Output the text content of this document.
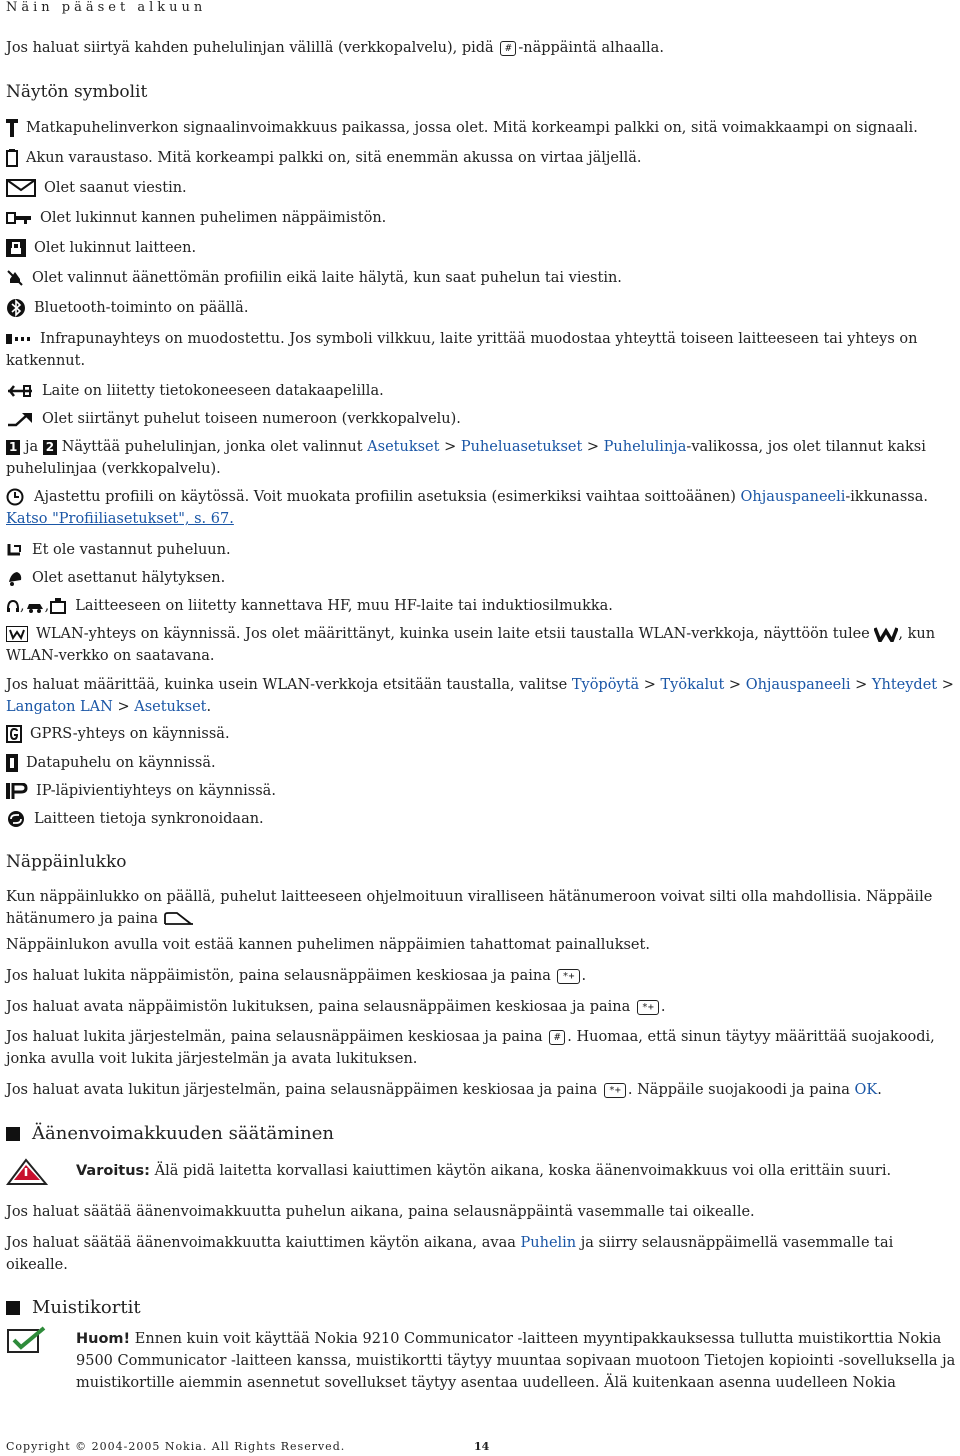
Näin pääset alkuun
Jos haluat siirtyä kahden puhelulinjan välillä (verkkopalvelu), pidä # -näppäintä alhaalla.
Näytön symbolit
Matkapuhelinverkon signaalinvoimakkuus paikassa, jossa olet. Mitä korkeampi palkki on, sitä voimakkaampi on signaali.
Akun varaustaso. Mitä korkeampi palkki on, sitä enemmän akussa on virtaa jäljellä.
Olet saanut viestin.
Olet lukinnut kannen puhelimen näppäimistön.
Olet lukinnut laitteen.
Olet valinnut äänettömän profiilin eikä laite hälytä, kun saat puhelun tai viestin.
Bluetooth-toiminto on päällä.
Infrapunayhteys on muodostettu. Jos symboli vilkkuu, laite yrittää muodostaa yhteyttä toiseen laitteeseen tai yhteys on katkennut.
Laite on liitetty tietokoneeseen datakaapelilla.
Olet siirtänyt puhelut toiseen numeroon (verkkopalvelu).
1 ja 2 Näyttää puhelulinjan, jonka olet valinnut Asetukset > Puheluasetukset > Puhelulinja-valikossa, jos olet tilannut kaksi puhelulinjaa (verkkopalvelu).
Ajastettu profiili on käytössä. Voit muokata profiilin asetuksia (esimerkiksi vaihtaa soittoäänen) Ohjauspaneeli-ikkunassa.
Katso "Profiiliasetukset", s. 67.
Et ole vastannut puheluun.
Olet asettanut hälytyksen.
, , Laitteeseen on liitetty kannettava HF, muu HF-laite tai induktiosilmukka.
WLAN-yhteys on käynnissä. Jos olet määrittänyt, kuinka usein laite etsii taustalla WLAN-verkkoja, näyttöön tulee , kun WLAN-verkko on saatavana.
Jos haluat määrittää, kuinka usein WLAN-verkkoja etsitään taustalla, valitse Työpöytä > Työkalut > Ohjauspaneeli > Yhteydet > Langaton LAN > Asetukset.
GPRS-yhteys on käynnissä.
Datapuhelu on käynnissä.
IP-läpivientiyhteys on käynnissä.
Laitteen tietoja synkronoidaan.
Näppäinlukko
Kun näppäinlukko on päällä, puhelut laitteeseen ohjelmoituun viralliseen hätänumeroon voivat silti olla mahdollisia. Näppäile hätänumero ja paina
Näppäinlukon avulla voit estää kannen puhelimen näppäimien tahattomat painallukset.
Jos haluat lukita näppäimistön, paina selausnäppäimen keskiosaa ja paina *+ .
Jos haluat avata näppäimistön lukituksen, paina selausnäppäimen keskiosaa ja paina *+ .
Jos haluat lukita järjestelmän, paina selausnäppäimen keskiosaa ja paina # . Huomaa, että sinun täytyy määrittää suojakoodi, jonka avulla voit lukita järjestelmän ja avata lukituksen.
Jos haluat avata lukitun järjestelmän, paina selausnäppäimen keskiosaa ja paina *+ . Näppäile suojakoodi ja paina OK.
Äänenvoimakkuuden säätäminen
Varoitus: Älä pidä laitetta korvallasi kaiuttimen käytön aikana, koska äänenvoimakkuus voi olla erittäin suuri.
Jos haluat säätää äänenvoimakkuutta puhelun aikana, paina selausnäppäintä vasemmalle tai oikealle.
Jos haluat säätää äänenvoimakkuutta kaiuttimen käytön aikana, avaa Puhelin ja siirry selausnäppäimellä vasemmalle tai oikealle.
Muistikortit
Huom! Ennen kuin voit käyttää Nokia 9210 Communicator -laitteen myyntipakkauksessa tullutta muistikorttia Nokia 9500 Communicator -laitteen kanssa, muistikortti täytyy muuntaa sopivaan muotoon Tietojen kopiointi -sovelluksella ja muistikortille aiemmin asennetut sovellukset täytyy asentaa uudelleen. Älä kuitenkaan asenna uudelleen Nokia
Copyright © 2004-2005 Nokia. All Rights Reserved.	14
